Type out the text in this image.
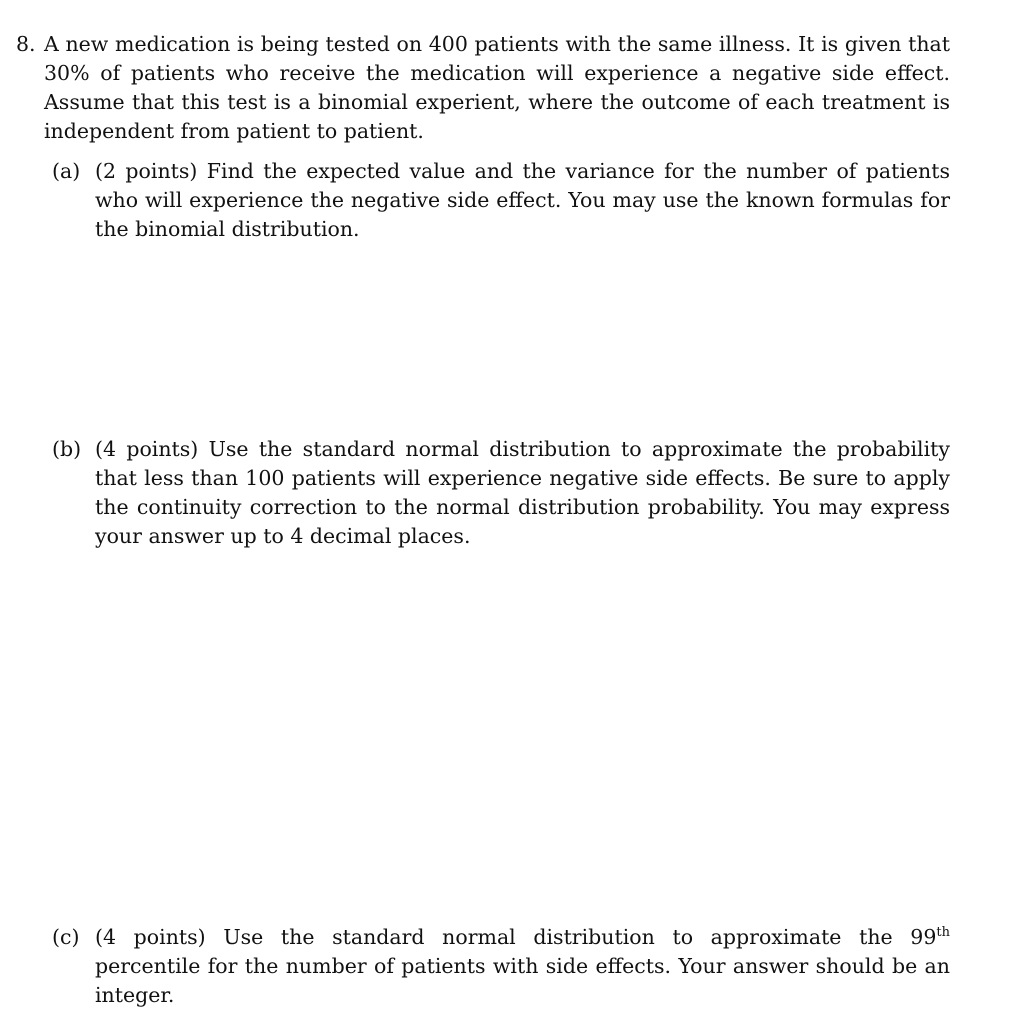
8. A new medication is being tested on 400 patients with the same illness. It is given that 30% of patients who receive the medication will experience a negative side effect. Assume that this test is a binomial experient, where the outcome of each treatment is independent from patient to patient.
(a) (2 points) Find the expected value and the variance for the number of patients who will experience the negative side effect. You may use the known formulas for the binomial distribution.
(b) (4 points) Use the standard normal distribution to approximate the probability that less than 100 patients will experience negative side effects. Be sure to apply the continuity correction to the normal distribution probability. You may express your answer up to 4 decimal places.
(c) (4 points) Use the standard normal distribution to approximate the 99th percentile for the number of patients with side effects. Your answer should be an integer.
